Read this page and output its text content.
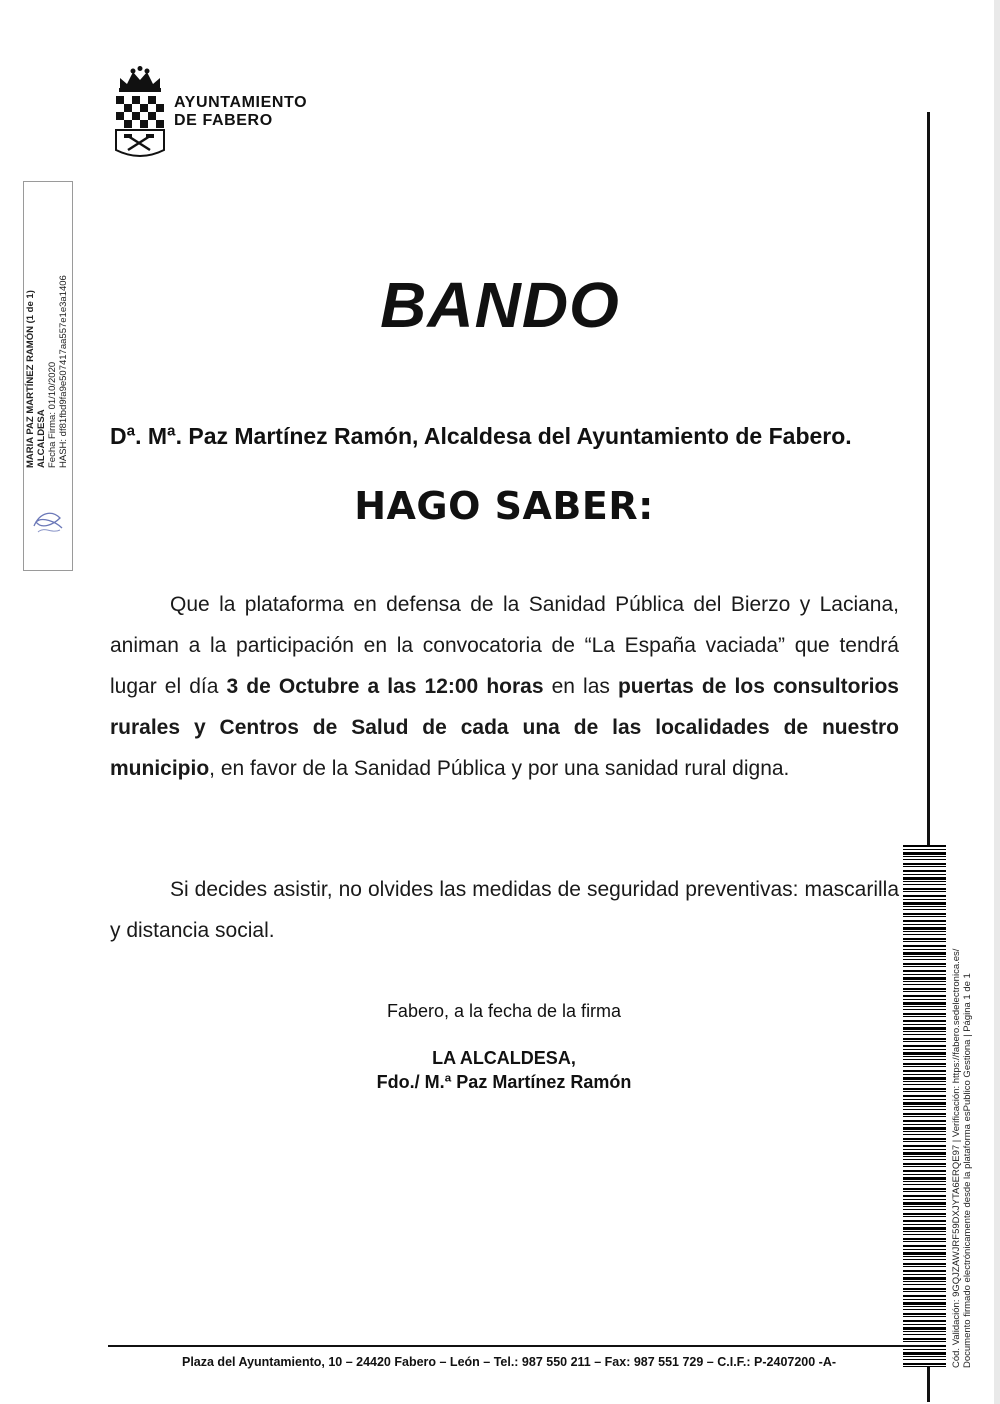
AYUNTAMIENTO
DE FABERO
MARIA PAZ MARTÍNEZ RAMÓN (1 de 1) ALCALDESA Fecha Firma: 01/10/2020 HASH: df81fbd9fa9e507417aa557e1e3a1406	BANDO
Dª. Mª. Paz Martínez Ramón, Alcaldesa del Ayuntamiento de Fabero.
HAGO SABER:
Que la plataforma en defensa de la Sanidad Pública del Bierzo y Laciana, animan a la participación en la convocatoria de “La España vaciada” que tendrá lugar el día 3 de Octubre a las 12:00 horas en las puertas de los consultorios rurales y Centros de Salud de cada una de las localidades de nuestro municipio, en favor de la Sanidad Pública y por una sanidad rural digna.
Si decides asistir, no olvides las medidas de seguridad preventivas: mascarilla y distancia social.
Fabero, a la fecha de la firma
LA ALCALDESA,
Fdo./ M.ª Paz Martínez Ramón	Cód. Validación: 9GQJZAWJRF59DXJYTA6ERQE97 | Verificación: https://fabero.sedelectronica.es/ Documento firmado electrónicamente desde la plataforma esPublico Gestiona | Página 1 de 1
Plaza del Ayuntamiento, 10 – 24420 Fabero – León – Tel.: 987 550 211 – Fax: 987 551 729 – C.I.F.: P-2407200 -A-
